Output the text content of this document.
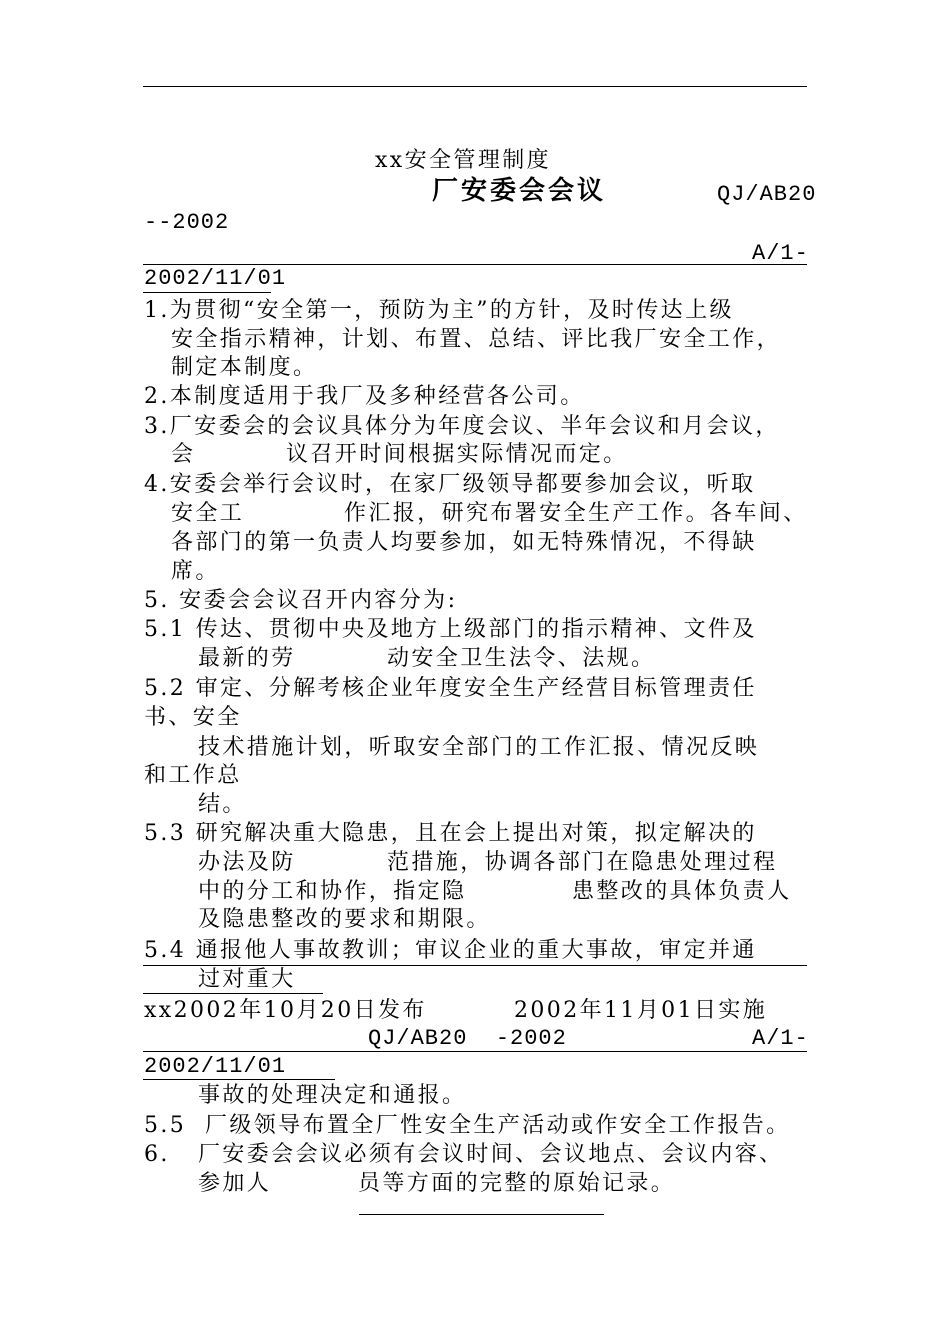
xx安全管理制度
厂安委会会议	QJ/AB20
--2002
A/1-
2002/11/01
1.为贯彻“安全第一，预防为主”的方针，及时传达上级
安全指示精神，计划、布置、总结、评比我厂安全工作，
制定本制度。
2.本制度适用于我厂及多种经营各公司。
3.厂安委会的会议具体分为年度会议、半年会议和月会议，
会	议召开时间根据实际情况而定。
4.安委会举行会议时，在家厂级领导都要参加会议，听取
安全工	作汇报，研究布署安全生产工作。各车间、
各部门的第一负责人均要参加，如无特殊情况，不得缺
席。
5. 安委会会议召开内容分为:
5.1 传达、贯彻中央及地方上级部门的指示精神、文件及
最新的劳	动安全卫生法令、法规。
5.2 审定、分解考核企业年度安全生产经营目标管理责任
书、安全
技术措施计划，听取安全部门的工作汇报、情况反映
和工作总
结。
5.3 研究解决重大隐患，且在会上提出对策，拟定解决的
办法及防	范措施，协调各部门在隐患处理过程
中的分工和协作，指定隐	患整改的具体负责人
及隐患整改的要求和期限。
5.4 通报他人事故教训；审议企业的重大事故，审定并通
过对重大
xx2002年10月20日发布	2002年11月01日实施
QJ/AB20  -2002	A/1-
2002/11/01
事故的处理决定和通报。
5.5  厂级领导布置全厂性安全生产活动或作安全工作报告。
6.   厂安委会会议必须有会议时间、会议地点、会议内容、
参加人	员等方面的完整的原始记录。
